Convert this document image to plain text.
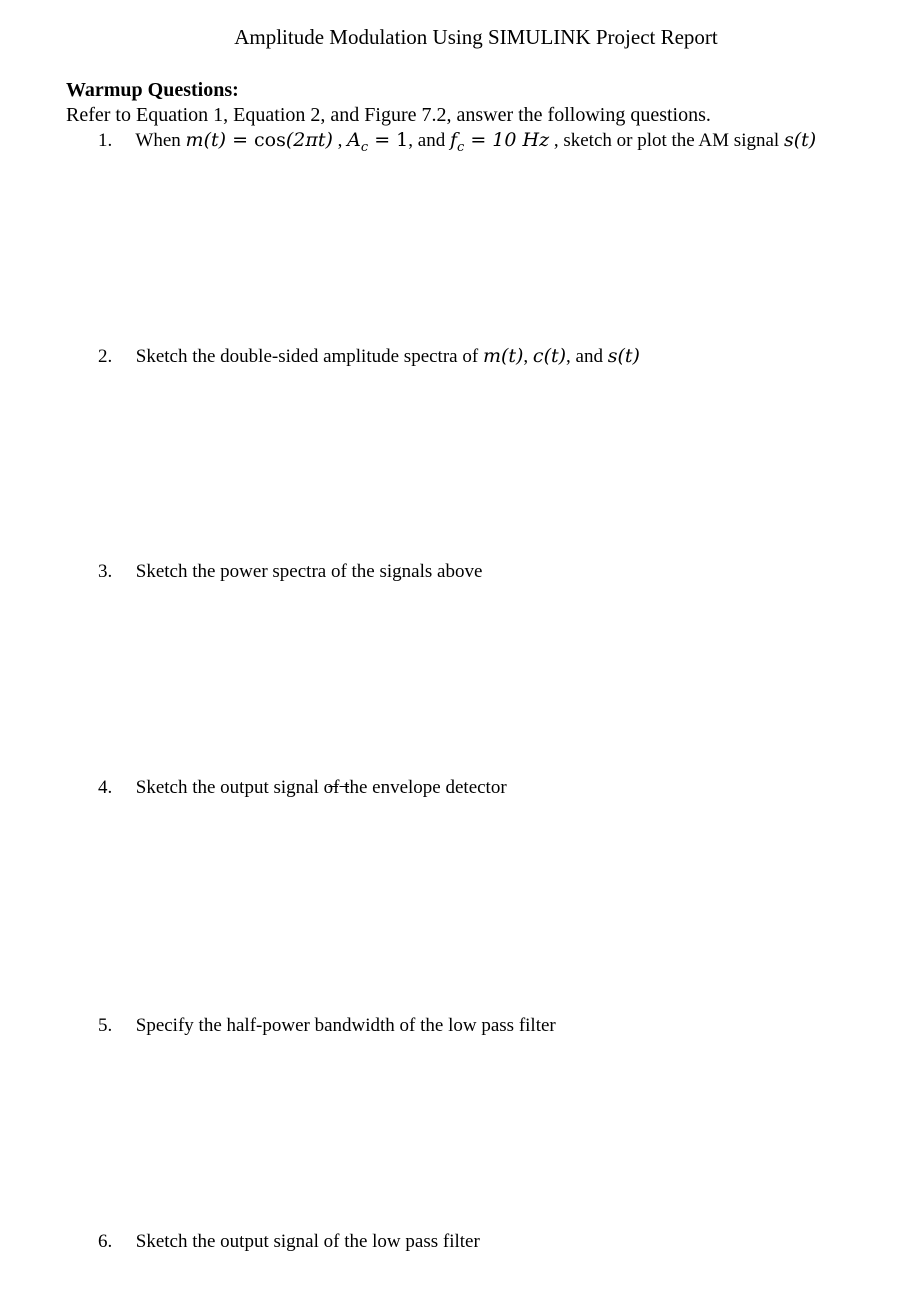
Amplitude Modulation Using SIMULINK Project Report
Warmup Questions:
Refer to Equation 1, Equation 2, and Figure 7.2, answer the following questions.
1. When m(t) = cos(2πt) , $A_c = 1$, and $f_c = 10$ Hz , sketch or plot the AM signal s(t)
2. Sketch the double-sided amplitude spectra of m(t), c(t), and s(t)
3. Sketch the power spectra of the signals above
4. Sketch the output signal o̶f ̶the envelope detector
5. Specify the half-power bandwidth of the low pass filter
6. Sketch the output signal of the low pass filter
